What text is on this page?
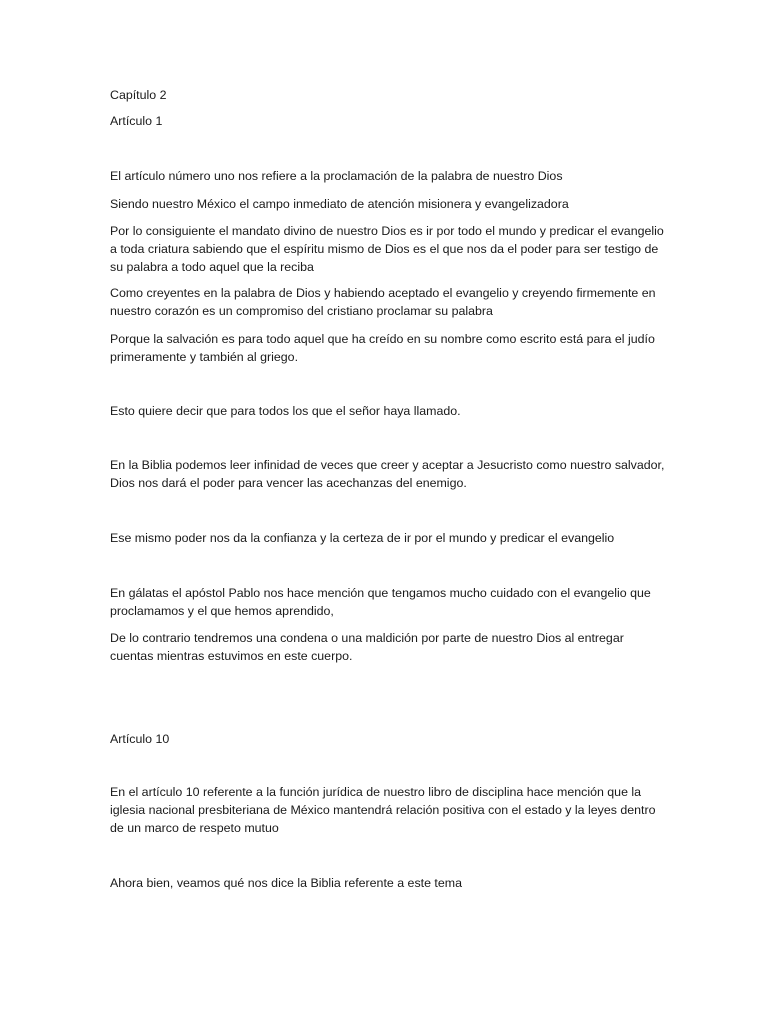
Capítulo 2

Artículo 1

El artículo número uno nos refiere a la proclamación de la palabra de nuestro Dios

Siendo nuestro México el campo inmediato de atención misionera y evangelizadora

Por lo consiguiente el mandato divino de nuestro Dios es ir por todo el mundo y predicar el evangelio a toda criatura sabiendo que el espíritu mismo de Dios es el que nos da el poder para ser testigo de su palabra a todo aquel que la reciba

Como creyentes en la palabra de Dios y habiendo aceptado el evangelio y creyendo firmemente en nuestro corazón es un compromiso del cristiano proclamar su palabra

Porque la salvación es para todo aquel que ha creído en su nombre como escrito está para el judío primeramente y también al griego.

Esto quiere decir que para todos los que el señor haya llamado.

En la Biblia podemos leer infinidad de veces que creer y aceptar a Jesucristo como nuestro salvador, Dios nos dará el poder para vencer las acechanzas del enemigo.

Ese mismo poder nos da la confianza y la certeza de ir por el mundo y predicar el evangelio

En gálatas el apóstol Pablo nos hace mención que tengamos mucho cuidado con el evangelio que proclamamos y el que hemos aprendido,

De lo contrario tendremos una condena o una maldición por parte de nuestro Dios al entregar cuentas mientras estuvimos en este cuerpo.

Artículo 10

En el artículo 10 referente a la función jurídica de nuestro libro de disciplina hace mención que la iglesia nacional presbiteriana de México mantendrá relación positiva con el estado y la leyes dentro de un marco de respeto mutuo

Ahora bien, veamos qué nos dice la Biblia referente a este tema
